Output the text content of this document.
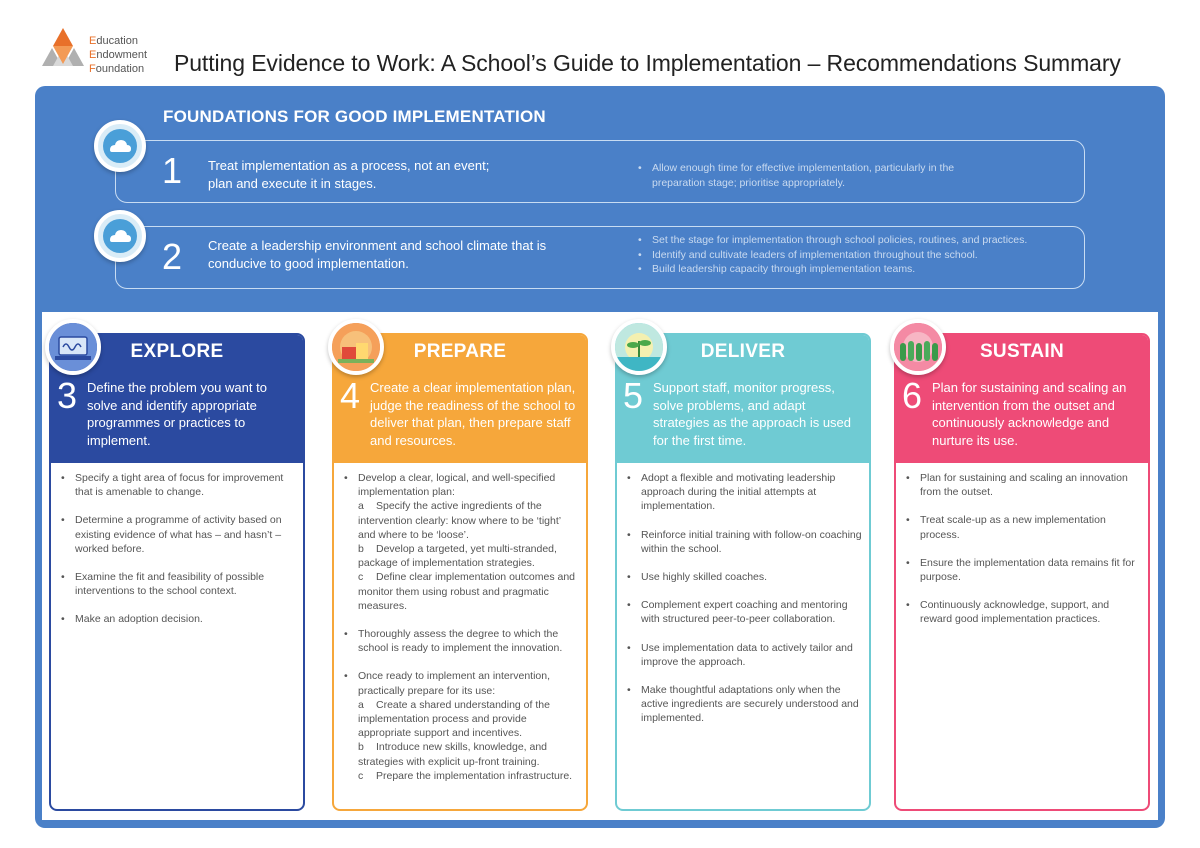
Education
Endowment
Foundation Putting Evidence to Work: A School’s Guide to Implementation – Recommendations Summary
FOUNDATIONS FOR GOOD IMPLEMENTATION
1 Treat implementation as a process, not an event;
plan and execute it in stages.
• Allow enough time for effective implementation, particularly in the preparation stage; prioritise appropriately.
2 Create a leadership environment and school climate that is
conducive to good implementation.
• Set the stage for implementation through school policies, routines, and practices.
• Identify and cultivate leaders of implementation throughout the school.
• Build leadership capacity through implementation teams.
EXPLORE
3 Define the problem you want to solve and identify appropriate programmes or practices to implement.
• Specify a tight area of focus for improvement that is amenable to change.
• Determine a programme of activity based on existing evidence of what has – and hasn’t – worked before.
• Examine the fit and feasibility of possible interventions to the school context.
• Make an adoption decision.
PREPARE
4 Create a clear implementation plan, judge the readiness of the school to deliver that plan, then prepare staff and resources.
• Develop a clear, logical, and well-specified implementation plan:
a Specify the active ingredients of the intervention clearly: know where to be ‘tight’ and where to be ‘loose’.
b Develop a targeted, yet multi-stranded, package of implementation strategies.
c Define clear implementation outcomes and monitor them using robust and pragmatic measures.
• Thoroughly assess the degree to which the school is ready to implement the innovation.
• Once ready to implement an intervention, practically prepare for its use:
a Create a shared understanding of the implementation process and provide appropriate support and incentives.
b Introduce new skills, knowledge, and strategies with explicit up-front training.
c Prepare the implementation infrastructure.
DELIVER
5 Support staff, monitor progress, solve problems, and adapt strategies as the approach is used for the first time.
• Adopt a flexible and motivating leadership approach during the initial attempts at implementation.
• Reinforce initial training with follow-on coaching within the school.
• Use highly skilled coaches.
• Complement expert coaching and mentoring with structured peer-to-peer collaboration.
• Use implementation data to actively tailor and improve the approach.
• Make thoughtful adaptations only when the active ingredients are securely understood and implemented.
SUSTAIN
6 Plan for sustaining and scaling an intervention from the outset and continuously acknowledge and nurture its use.
• Plan for sustaining and scaling an innovation from the outset.
• Treat scale-up as a new implementation process.
• Ensure the implementation data remains fit for purpose.
• Continuously acknowledge, support, and reward good implementation practices.
